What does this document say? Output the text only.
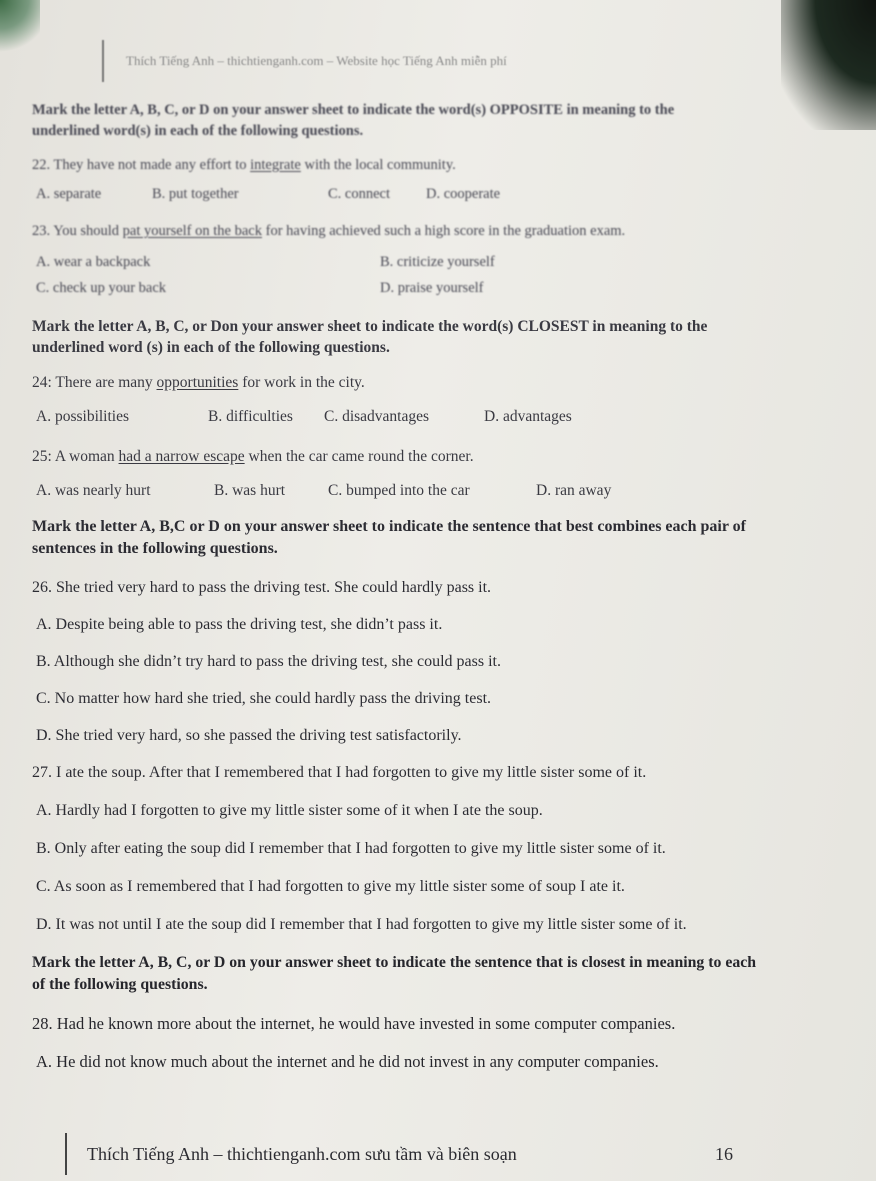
Thích Tiếng Anh – thichtienganh.com – Website học Tiếng Anh miễn phí

Mark the letter A, B, C, or D on your answer sheet to indicate the word(s) OPPOSITE in meaning to the

underlined word(s) in each of the following questions.

22. They have not made any effort to integrate with the local community.

A. separate	B. put together	C. connect D. cooperate

23. You should pat yourself on the back for having achieved such a high score in the graduation exam.

A. wear a backpack	B. criticize yourself
C. check up your back	D. praise yourself

Mark the letter A, B, C, or Don your answer sheet to indicate the word(s) CLOSEST in meaning to the

underlined word (s) in each of the following questions.

24: There are many opportunities for work in the city.

A. possibilities	B. difficulties C. disadvantages	D. advantages

25: A woman had a narrow escape when the car came round the corner.

A. was nearly hurt	B. was hurt	C. bumped into the car	D. ran away

Mark the letter A, B,C or D on your answer sheet to indicate the sentence that best combines each pair of

sentences in the following questions.

26. She tried very hard to pass the driving test. She could hardly pass it.

A. Despite being able to pass the driving test, she didn’t pass it.

B. Although she didn’t try hard to pass the driving test, she could pass it.

C. No matter how hard she tried, she could hardly pass the driving test.

D. She tried very hard, so she passed the driving test satisfactorily.

27. I ate the soup. After that I remembered that I had forgotten to give my little sister some of it.

A. Hardly had I forgotten to give my little sister some of it when I ate the soup.

B. Only after eating the soup did I remember that I had forgotten to give my little sister some of it.

C. As soon as I remembered that I had forgotten to give my little sister some of soup I ate it.

D. It was not until I ate the soup did I remember that I had forgotten to give my little sister some of it.

Mark the letter A, B, C, or D on your answer sheet to indicate the sentence that is closest in meaning to each

of the following questions.

28. Had he known more about the internet, he would have invested in some computer companies.

A. He did not know much about the internet and he did not invest in any computer companies.

Thích Tiếng Anh – thichtienganh.com sưu tầm và biên soạn	16
